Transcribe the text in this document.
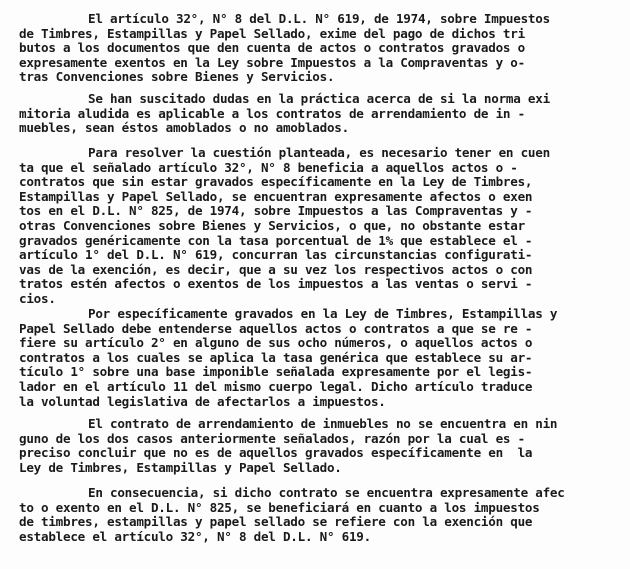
El artículo 32°, N° 8 del D.L. N° 619, de 1974, sobre Impuestos
de Timbres, Estampillas y Papel Sellado, exime del pago de dichos tri
butos a los documentos que den cuenta de actos o contratos gravados o
expresamente exentos en la Ley sobre Impuestos a la Compraventas y o-
tras Convenciones sobre Bienes y Servicios.
Se han suscitado dudas en la práctica acerca de si la norma exi
mitoria aludida es aplicable a los contratos de arrendamiento de in -
muebles, sean éstos amoblados o no amoblados.
Para resolver la cuestión planteada, es necesario tener en cuen
ta que el señalado artículo 32°, N° 8 beneficia a aquellos actos o -
contratos que sin estar gravados específicamente en la Ley de Timbres,
Estampillas y Papel Sellado, se encuentran expresamente afectos o exen
tos en el D.L. N° 825, de 1974, sobre Impuestos a las Compraventas y -
otras Convenciones sobre Bienes y Servicios, o que, no obstante estar
gravados genéricamente con la tasa porcentual de 1% que establece el -
artículo 1° del D.L. N° 619, concurran las circunstancias configurati-
vas de la exención, es decir, que a su vez los respectivos actos o con
tratos estén afectos o exentos de los impuestos a las ventas o servi -
cios.
Por específicamente gravados en la Ley de Timbres, Estampillas y
Papel Sellado debe entenderse aquellos actos o contratos a que se re -
fiere su artículo 2° en alguno de sus ocho números, o aquellos actos o
contratos a los cuales se aplica la tasa genérica que establece su ar-
tículo 1° sobre una base imponible señalada expresamente por el legis-
lador en el artículo 11 del mismo cuerpo legal. Dicho artículo traduce
la voluntad legislativa de afectarlos a impuestos.
El contrato de arrendamiento de inmuebles no se encuentra en nin
guno de los dos casos anteriormente señalados, razón por la cual es -
preciso concluir que no es de aquellos gravados específicamente en  la
Ley de Timbres, Estampillas y Papel Sellado.
En consecuencia, si dicho contrato se encuentra expresamente afec
to o exento en el D.L. N° 825, se beneficiará en cuanto a los impuestos
de timbres, estampillas y papel sellado se refiere con la exención que
establece el artículo 32°, N° 8 del D.L. N° 619.
